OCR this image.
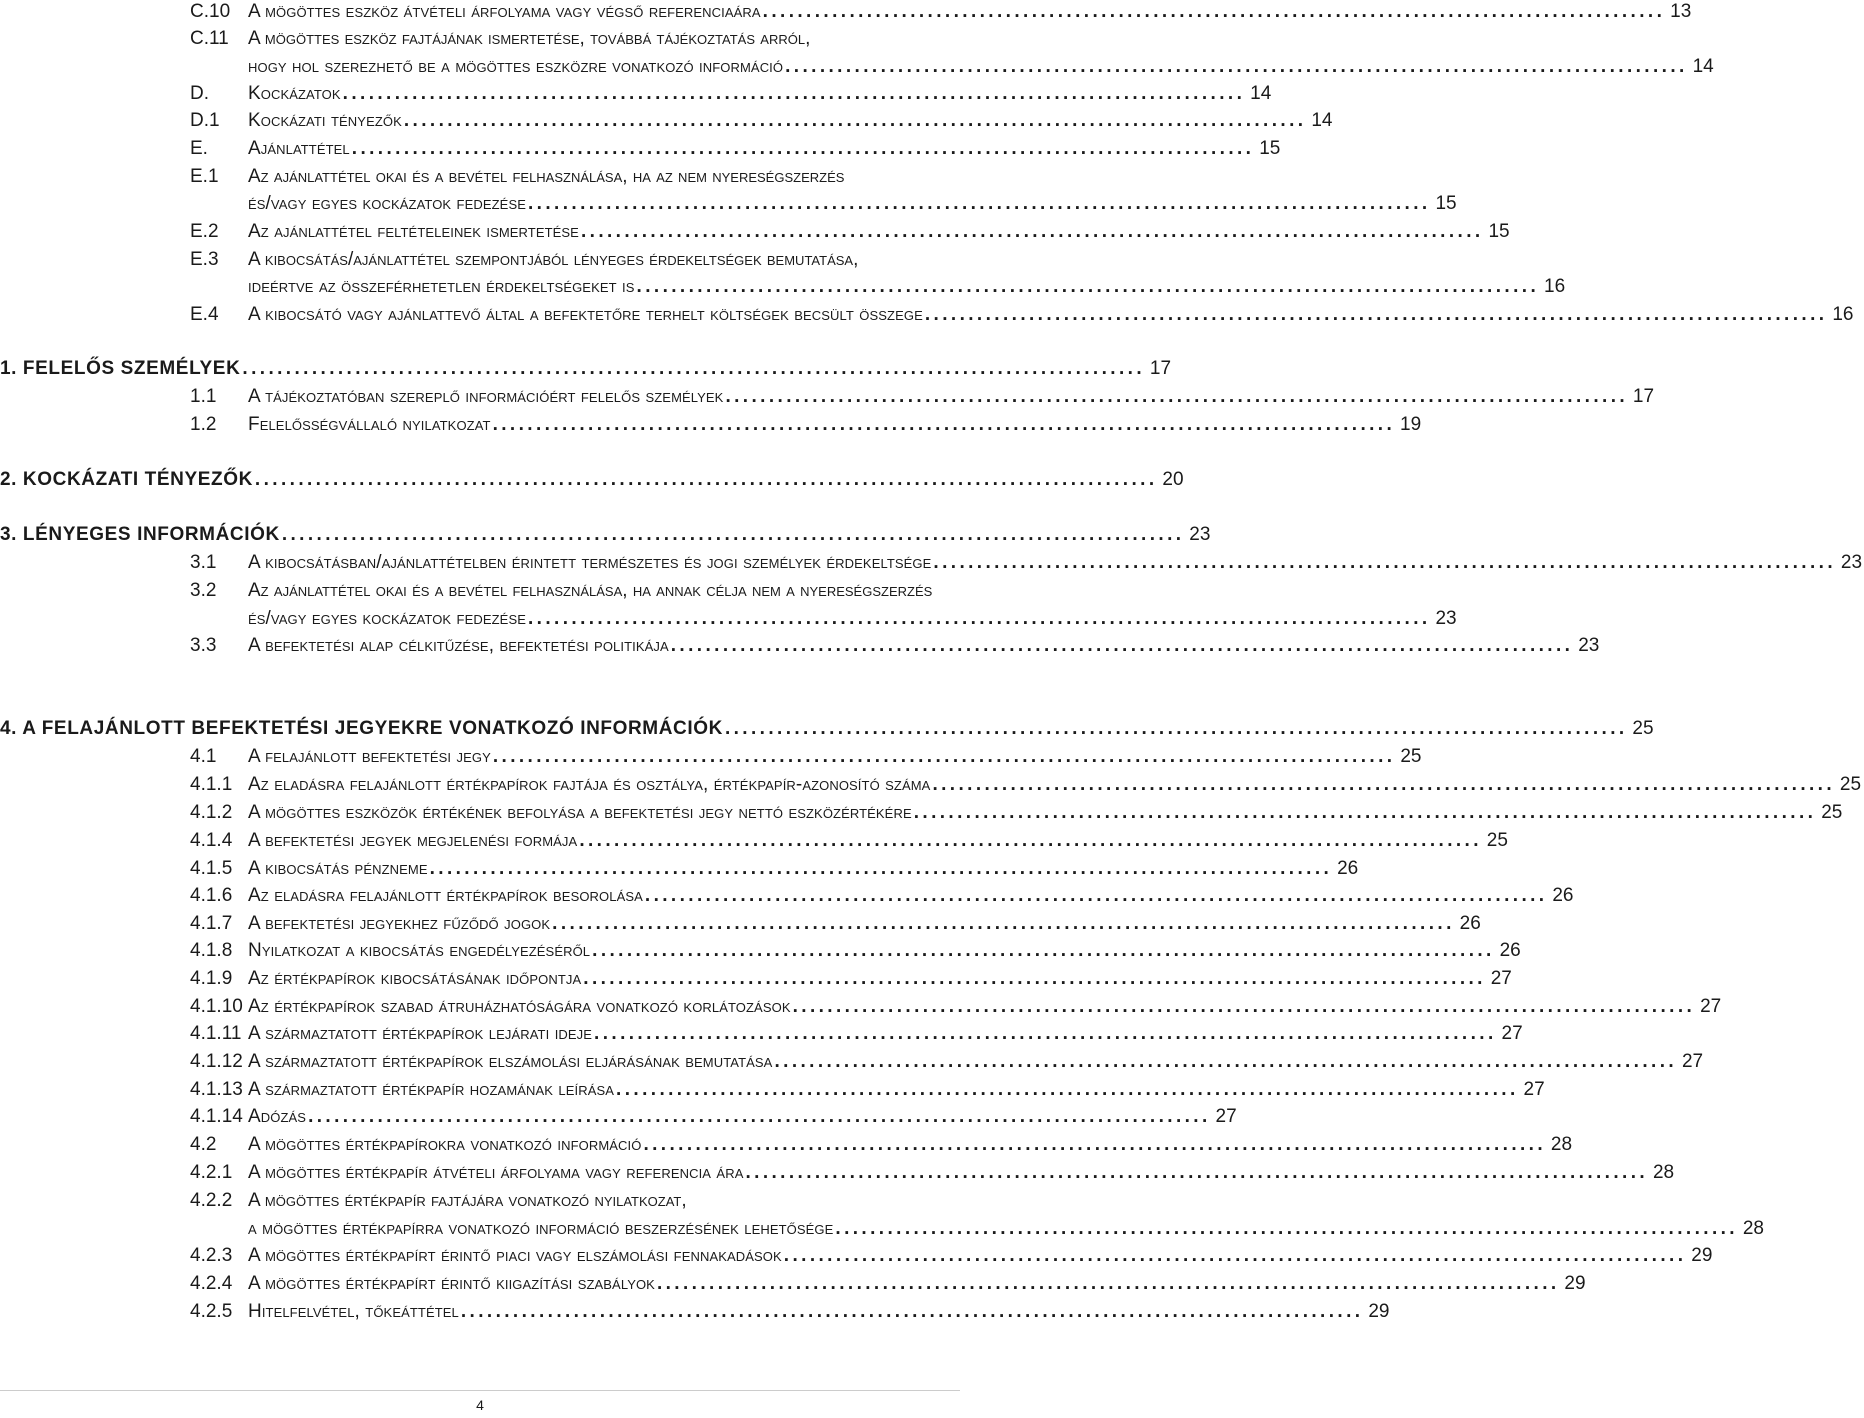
C.10 A mögöttes eszköz átvételi árfolyama vagy végső referenciaára ........................................................................................................ 13
C.11 A mögöttes eszköz fajtájának ismertetése, továbbá tájékoztatás arról,
hogy hol szerezhető be a mögöttes eszközre vonatkozó információ ........................................................................................................ 14
D. Kockázatok ........................................................................................................ 14
D.1 Kockázati tényezők ........................................................................................................ 14
E. Ajánlattétel ........................................................................................................ 15
E.1 Az ajánlattétel okai és a bevétel felhasználása, ha az nem nyereségszerzés
és/vagy egyes kockázatok fedezése ........................................................................................................ 15
E.2 Az ajánlattétel feltételeinek ismertetése ........................................................................................................ 15
E.3 A kibocsátás/ajánlattétel szempontjából lényeges érdekeltségek bemutatása,
ideértve az összeférhetetlen érdekeltségeket is ........................................................................................................ 16
E.4 A kibocsátó vagy ajánlattevő által a befektetőre terhelt költségek becsült összege ........................................................................................................ 16
1. FELELŐS SZEMÉLYEK ........................................................................................................ 17
1.1 A tájékoztatóban szereplő információért felelős személyek ........................................................................................................ 17
1.2 Felelősségvállaló nyilatkozat ........................................................................................................ 19
2. KOCKÁZATI TÉNYEZŐK ........................................................................................................ 20
3. LÉNYEGES INFORMÁCIÓK ........................................................................................................ 23
3.1 A kibocsátásban/ajánlattételben érintett természetes és jogi személyek érdekeltsége ........................................................................................................ 23
3.2 Az ajánlattétel okai és a bevétel felhasználása, ha annak célja nem a nyereségszerzés
és/vagy egyes kockázatok fedezése ........................................................................................................ 23
3.3 A befektetési alap célkitűzése, befektetési politikája ........................................................................................................ 23
4. A FELAJÁNLOTT BEFEKTETÉSI JEGYEKRE VONATKOZÓ INFORMÁCIÓK ........................................................................................................ 25
4.1 A felajánlott befektetési jegy ........................................................................................................ 25
4.1.1 Az eladásra felajánlott értékpapírok fajtája és osztálya, értékpapír-azonosító száma ........................................................................................................ 25
4.1.2 A mögöttes eszközök értékének befolyása a befektetési jegy nettó eszközértékére ........................................................................................................ 25
4.1.4 A befektetési jegyek megjelenési formája ........................................................................................................ 25
4.1.5 A kibocsátás pénzneme ........................................................................................................ 26
4.1.6 Az eladásra felajánlott értékpapírok besorolása ........................................................................................................ 26
4.1.7 A befektetési jegyekhez fűződő jogok ........................................................................................................ 26
4.1.8 Nyilatkozat a kibocsátás engedélyezéséről ........................................................................................................ 26
4.1.9 Az értékpapírok kibocsátásának időpontja ........................................................................................................ 27
4.1.10 Az értékpapírok szabad átruházhatóságára vonatkozó korlátozások ........................................................................................................ 27
4.1.11 A származtatott értékpapírok lejárati ideje ........................................................................................................ 27
4.1.12 A származtatott értékpapírok elszámolási eljárásának bemutatása ........................................................................................................ 27
4.1.13 A származtatott értékpapír hozamának leírása ........................................................................................................ 27
4.1.14 Adózás ........................................................................................................ 27
4.2 A mögöttes értékpapírokra vonatkozó információ ........................................................................................................ 28
4.2.1 A mögöttes értékpapír átvételi árfolyama vagy referencia ára ........................................................................................................ 28
4.2.2 A mögöttes értékpapír fajtájára vonatkozó nyilatkozat,
a mögöttes értékpapírra vonatkozó információ beszerzésének lehetősége ........................................................................................................ 28
4.2.3 A mögöttes értékpapírt érintő piaci vagy elszámolási fennakadások ........................................................................................................ 29
4.2.4 A mögöttes értékpapírt érintő kiigazítási szabályok ........................................................................................................ 29
4.2.5 Hitelfelvétel, tőkeáttétel ........................................................................................................ 29
4
